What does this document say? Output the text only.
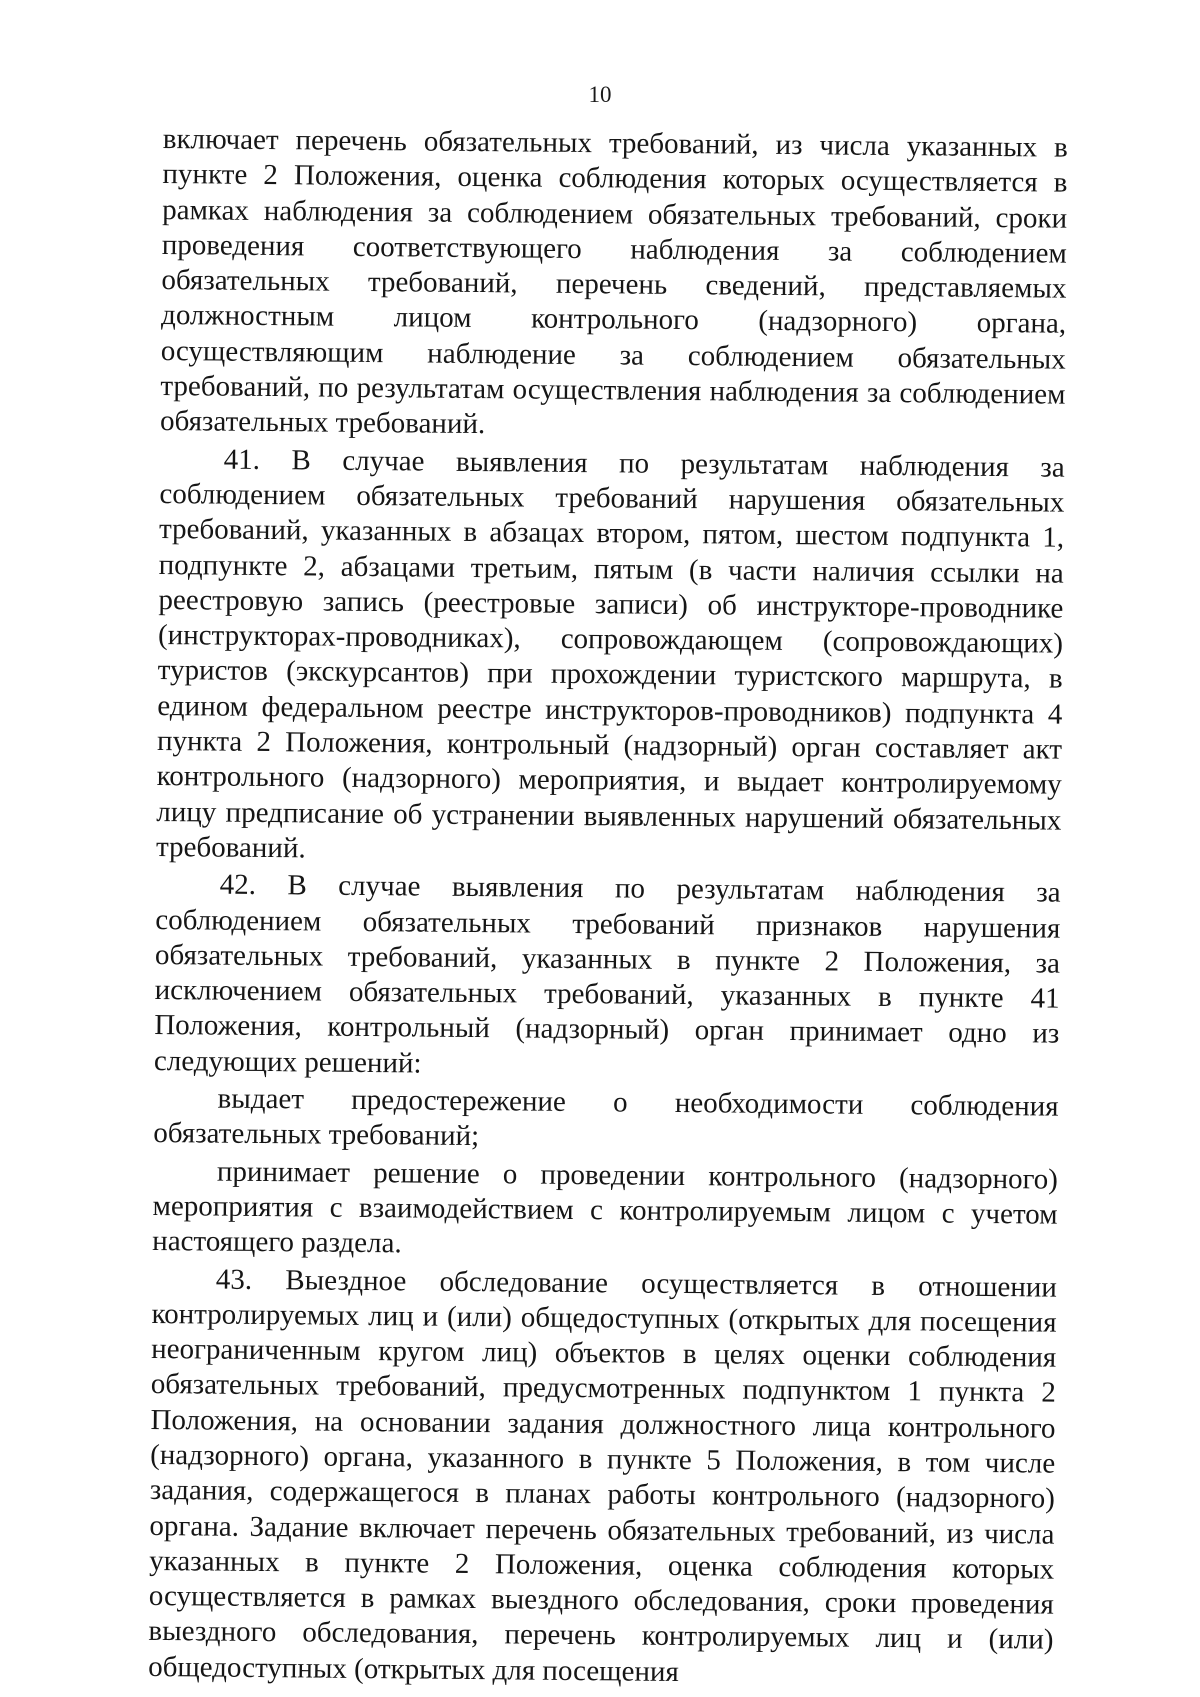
10

включает перечень обязательных требований, из числа указанных в пункте 2 Положения, оценка соблюдения которых осуществляется в рамках наблюдения за соблюдением обязательных требований, сроки проведения соответствующего наблюдения за соблюдением обязательных требований, перечень сведений, представляемых должностным лицом контрольного (надзорного) органа, осуществляющим наблюдение за соблюдением обязательных требований, по результатам осуществления наблюдения за соблюдением обязательных требований.

41. В случае выявления по результатам наблюдения за соблюдением обязательных требований нарушения обязательных требований, указанных в абзацах втором, пятом, шестом подпункта 1, подпункте 2, абзацами третьим, пятым (в части наличия ссылки на реестровую запись (реестровые записи) об инструкторе-проводнике (инструкторах-проводниках), сопровождающем (сопровождающих) туристов (экскурсантов) при прохождении туристского маршрута, в едином федеральном реестре инструкторов-проводников) подпункта 4 пункта 2 Положения, контрольный (надзорный) орган составляет акт контрольного (надзорного) мероприятия, и выдает контролируемому лицу предписание об устранении выявленных нарушений обязательных требований.

42. В случае выявления по результатам наблюдения за соблюдением обязательных требований признаков нарушения обязательных требований, указанных в пункте 2 Положения, за исключением обязательных требований, указанных в пункте 41 Положения, контрольный (надзорный) орган принимает одно из следующих решений:

выдает предостережение о необходимости соблюдения обязательных требований;

принимает решение о проведении контрольного (надзорного) мероприятия с взаимодействием с контролируемым лицом с учетом настоящего раздела.

43. Выездное обследование осуществляется в отношении контролируемых лиц и (или) общедоступных (открытых для посещения неограниченным кругом лиц) объектов в целях оценки соблюдения обязательных требований, предусмотренных подпунктом 1 пункта 2 Положения, на основании задания должностного лица контрольного (надзорного) органа, указанного в пункте 5 Положения, в том числе задания, содержащегося в планах работы контрольного (надзорного) органа. Задание включает перечень обязательных требований, из числа указанных в пункте 2 Положения, оценка соблюдения которых осуществляется в рамках выездного обследования, сроки проведения выездного обследования, перечень контролируемых лиц и (или) общедоступных (открытых для посещения
